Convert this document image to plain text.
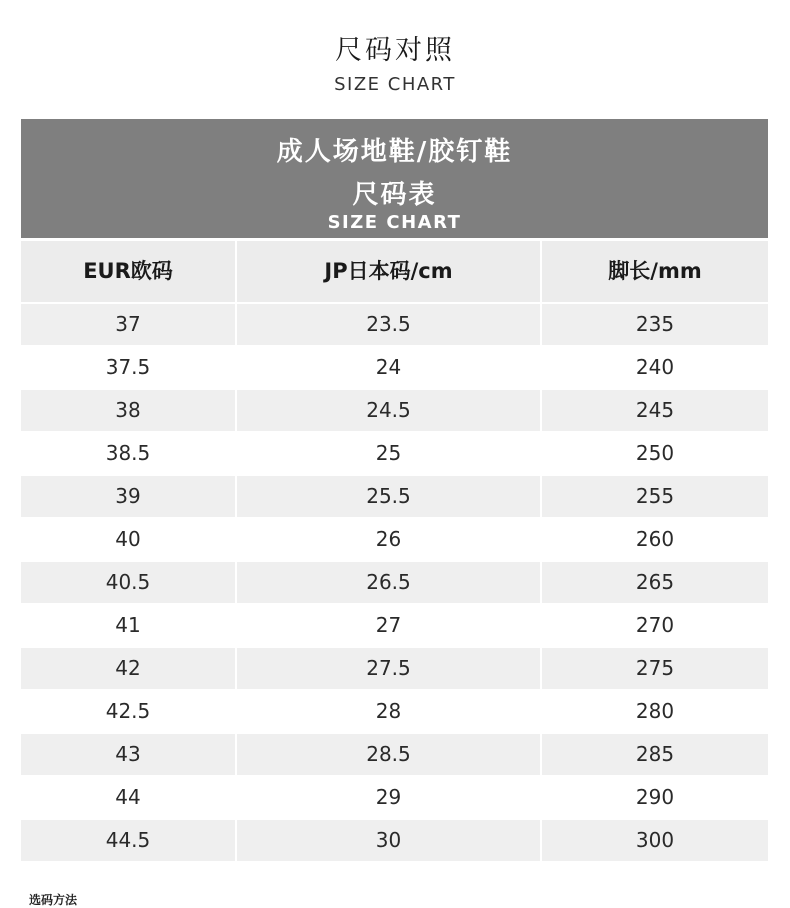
尺码对照
SIZE CHART
成人场地鞋/胶钉鞋
尺码表
SIZE CHART
EUR欧码	JP日本码/cm	脚长/mm
37	23.5	235
37.5	24	240
38	24.5	245
38.5	25	250
39	25.5	255
40	26	260
40.5	26.5	265
41	27	270
42	27.5	275
42.5	28	280
43	28.5	285
44	29	290
44.5	30	300
选码方法
